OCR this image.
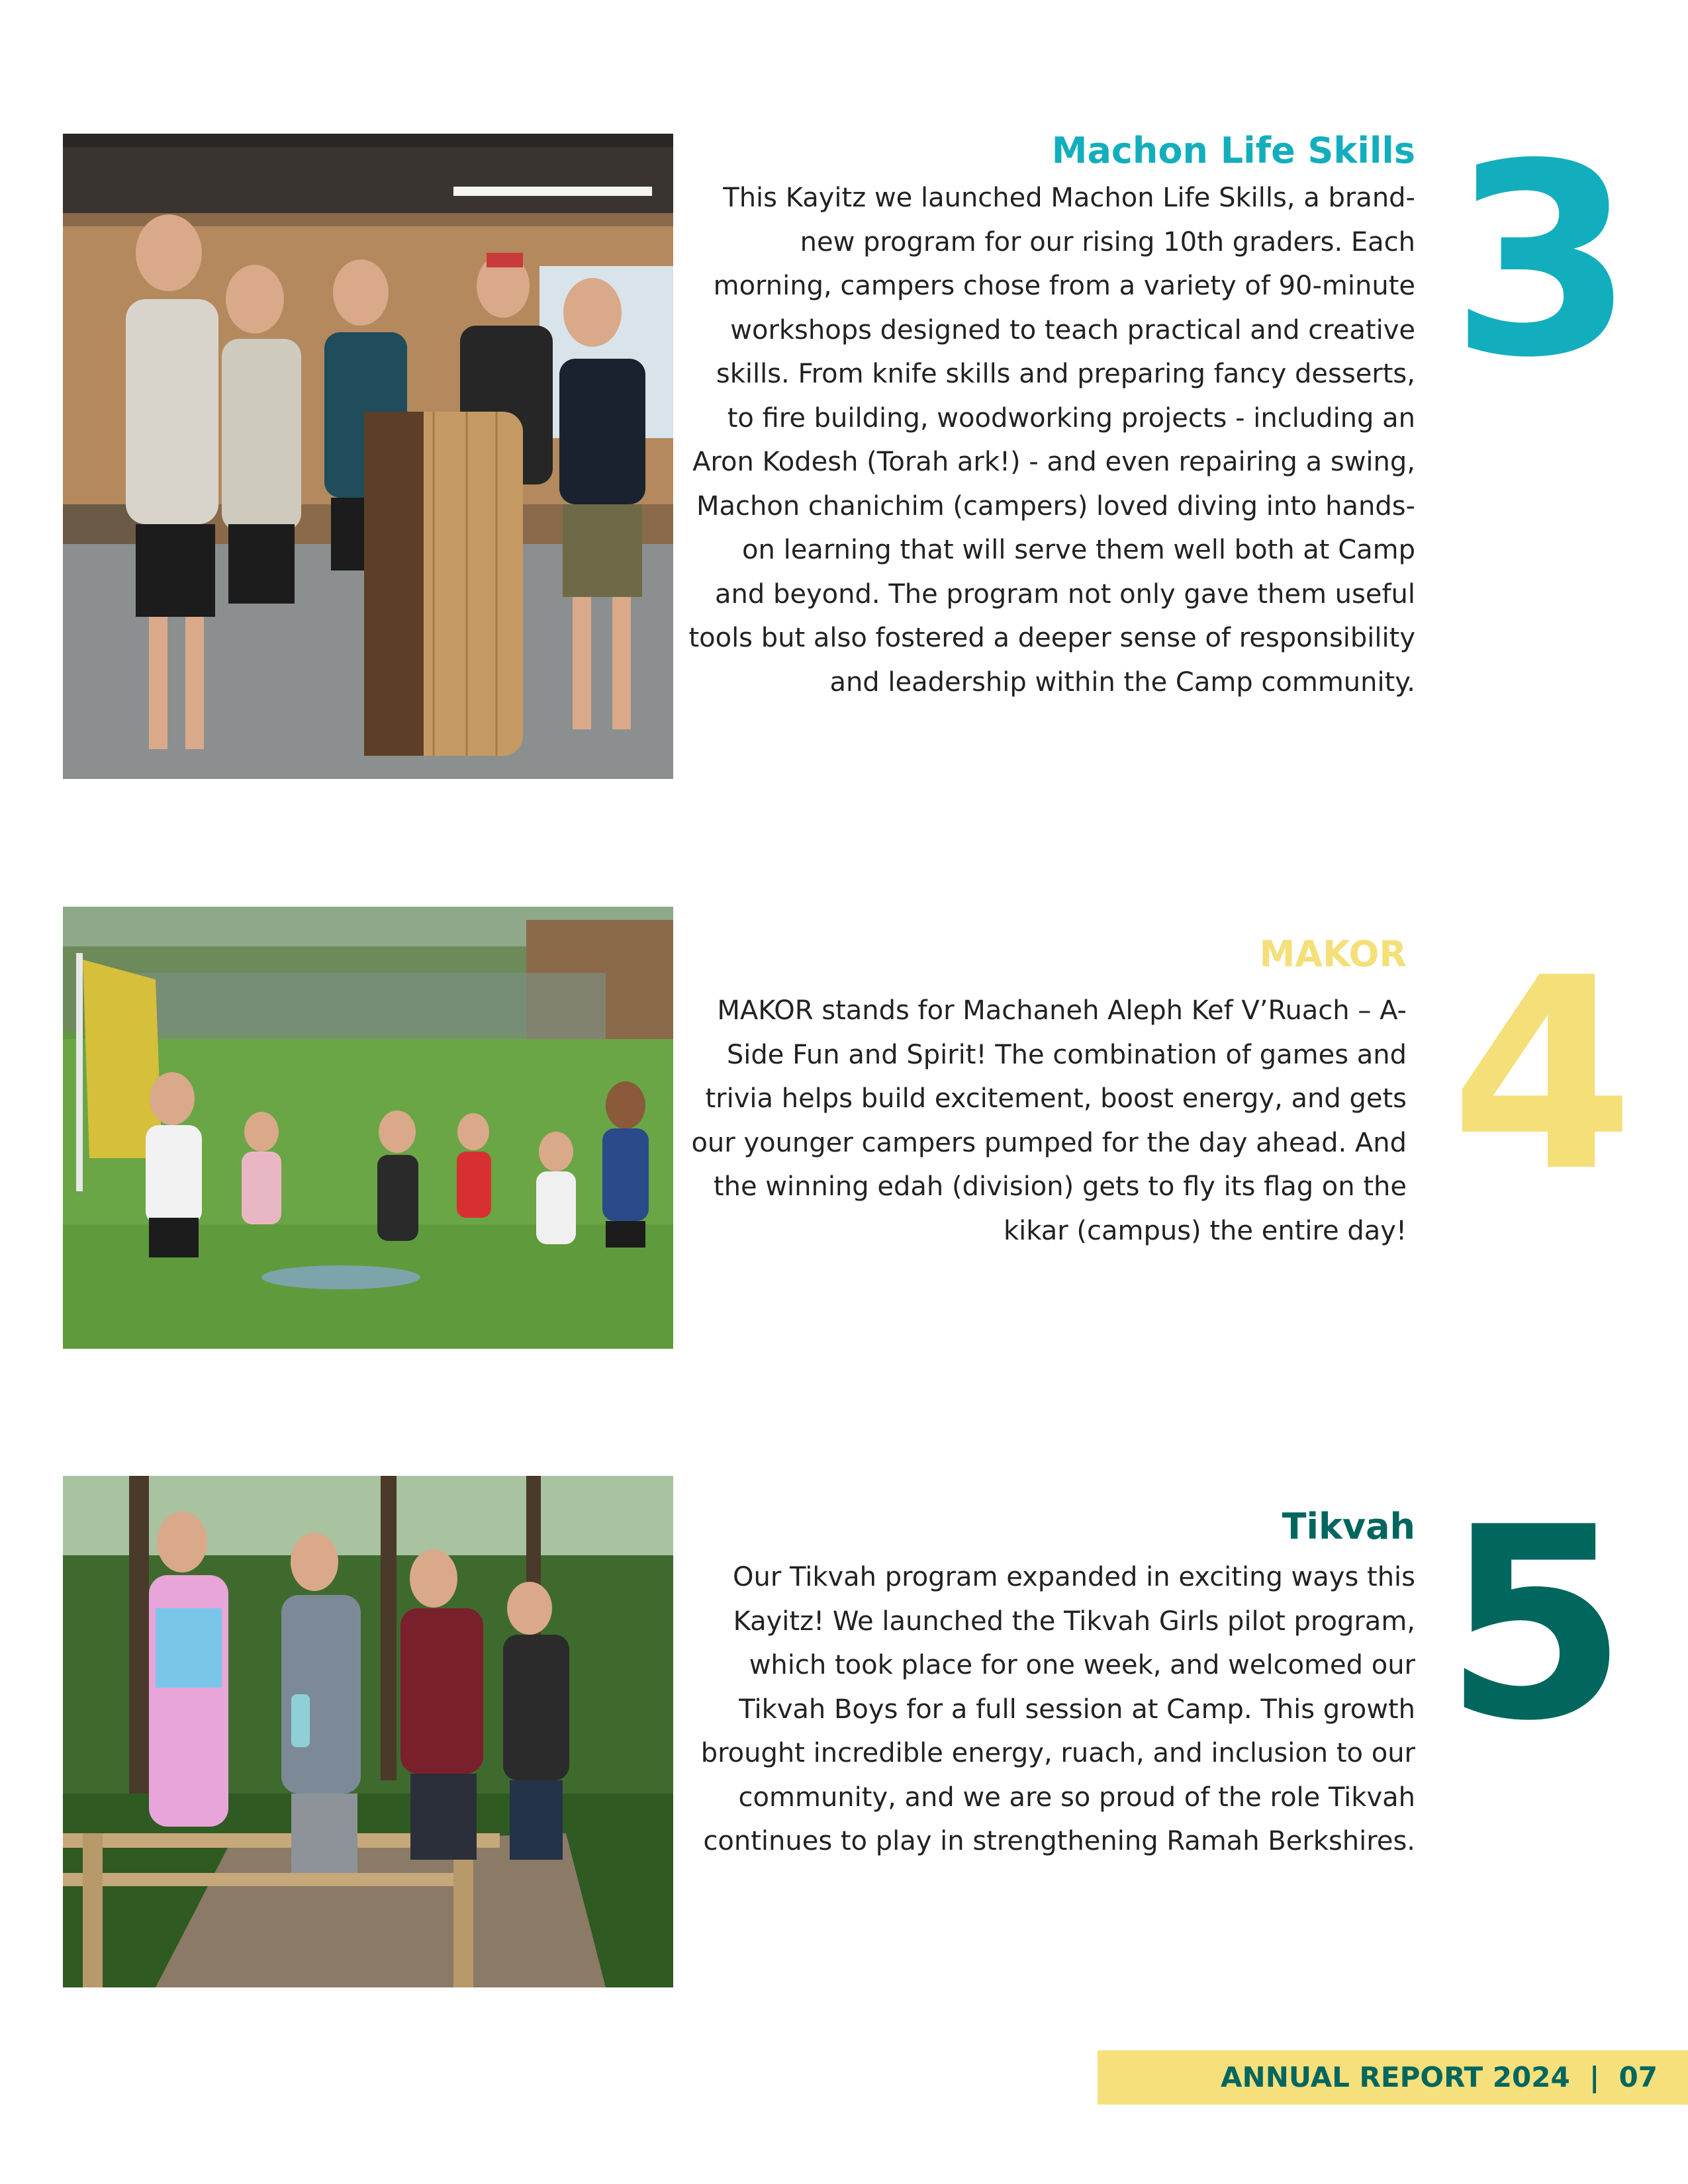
Machon Life Skills

This Kayitz we launched Machon Life Skills, a brand-new program for our rising 10th graders. Each morning, campers chose from a variety of 90-minute workshops designed to teach practical and creative skills. From knife skills and preparing fancy desserts, to fire building, woodworking projects - including an Aron Kodesh (Torah ark!) - and even repairing a swing, Machon chanichim (campers) loved diving into hands-on learning that will serve them well both at Camp and beyond. The program not only gave them useful tools but also fostered a deeper sense of responsibility and leadership within the Camp community.

3
MAKOR

MAKOR stands for Machaneh Aleph Kef V’Ruach – A-Side Fun and Spirit! The combination of games and trivia helps build excitement, boost energy, and gets our younger campers pumped for the day ahead. And the winning edah (division) gets to fly its flag on the kikar (campus) the entire day!

4
Tikvah

Our Tikvah program expanded in exciting ways this Kayitz! We launched the Tikvah Girls pilot program, which took place for one week, and welcomed our Tikvah Boys for a full session at Camp. This growth brought incredible energy, ruach, and inclusion to our community, and we are so proud of the role Tikvah continues to play in strengthening Ramah Berkshires.

5
ANNUAL REPORT 2024 | 07
